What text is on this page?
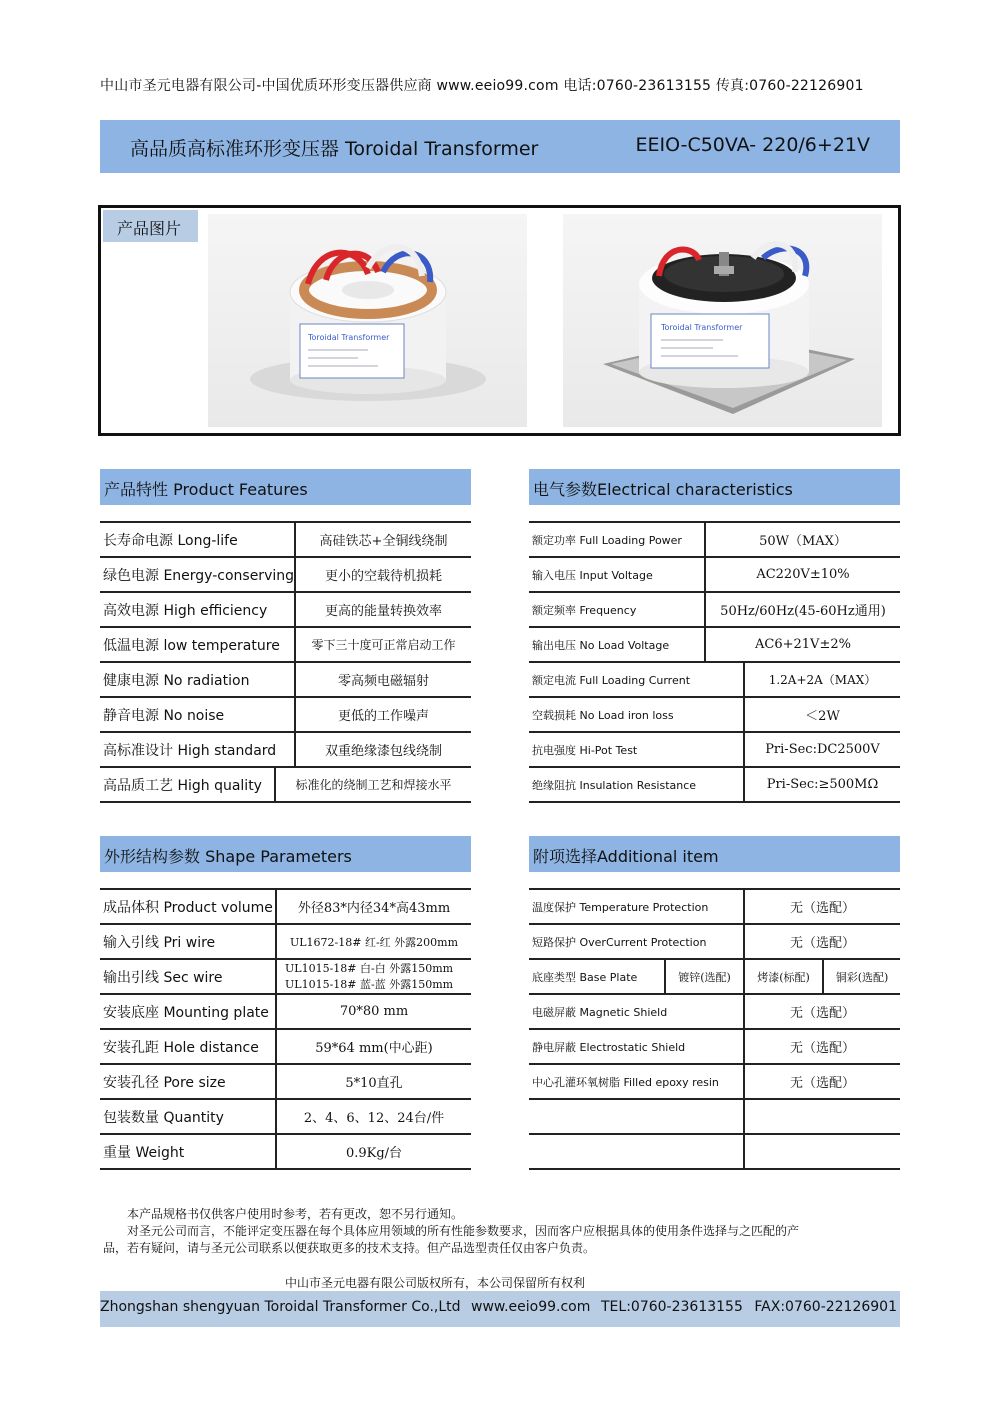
中山市圣元电器有限公司-中国优质环形变压器供应商 www.eeio99.com 电话:0760-23613155 传真:0760-22126901
高品质高标准环形变压器 Toroidal Transformer	EEIO-C50VA- 220/6+21V
产品图片
Toroidal Transformer
Toroidal Transformer
产品特性 Product Features
长寿命电源 Long-life	高硅铁芯+全铜线绕制
绿色电源 Energy-conserving	更小的空载待机损耗
高效电源 High efficiency	更高的能量转换效率
低温电源 low temperature	零下三十度可正常启动工作
健康电源 No radiation	零高频电磁辐射
静音电源 No noise	更低的工作噪声
高标准设计 High standard	双重绝缘漆包线绕制
高品质工艺 High quality	标准化的绕制工艺和焊接水平
电气参数Electrical characteristics
额定功率 Full Loading Power	50W（MAX）
输入电压 Input Voltage	AC220V±10%
额定频率 Frequency	50Hz/60Hz(45-60Hz通用)
输出电压 No Load Voltage	AC6+21V±2%
额定电流 Full Loading Current	1.2A+2A（MAX）
空载损耗 No Load iron loss	＜2W
抗电强度 Hi-Pot Test	Pri-Sec:DC2500V
绝缘阻抗 Insulation Resistance	Pri-Sec:≥500MΩ
外形结构参数 Shape Parameters
成品体积 Product volume	外径83*内径34*高43mm
输入引线 Pri wire	UL1672-18# 红-红 外露200mm
输出引线 Sec wire
UL1015-18# 白-白 外露150mm
UL1015-18# 蓝-蓝 外露150mm
安装底座 Mounting plate	70*80 mm
安装孔距 Hole distance	59*64 mm(中心距)
安装孔径 Pore size	5*10直孔
包装数量 Quantity	2、4、6、12、24台/件
重量 Weight	0.9Kg/台
附项选择Additional item
温度保护 Temperature Protection	无（选配）
短路保护 OverCurrent Protection	无（选配）
底座类型 Base Plate	镀锌(选配)	烤漆(标配)	铜彩(选配)
电磁屏蔽 Magnetic Shield	无（选配）
静电屏蔽 Electrostatic Shield	无（选配）
中心孔灌环氧树脂 Filled epoxy resin	无（选配）
本产品规格书仅供客户使用时参考，若有更改，恕不另行通知。
对圣元公司而言，不能评定变压器在每个具体应用领域的所有性能参数要求，因而客户应根据具体的使用条件选择与之匹配的产
品，若有疑问，请与圣元公司联系以便获取更多的技术支持。但产品选型责任仅由客户负责。
中山市圣元电器有限公司版权所有，本公司保留所有权利
Zhongshan shengyuan Toroidal Transformer Co.,Ltd www.eeio99.com TEL:0760-23613155 FAX:0760-22126901
